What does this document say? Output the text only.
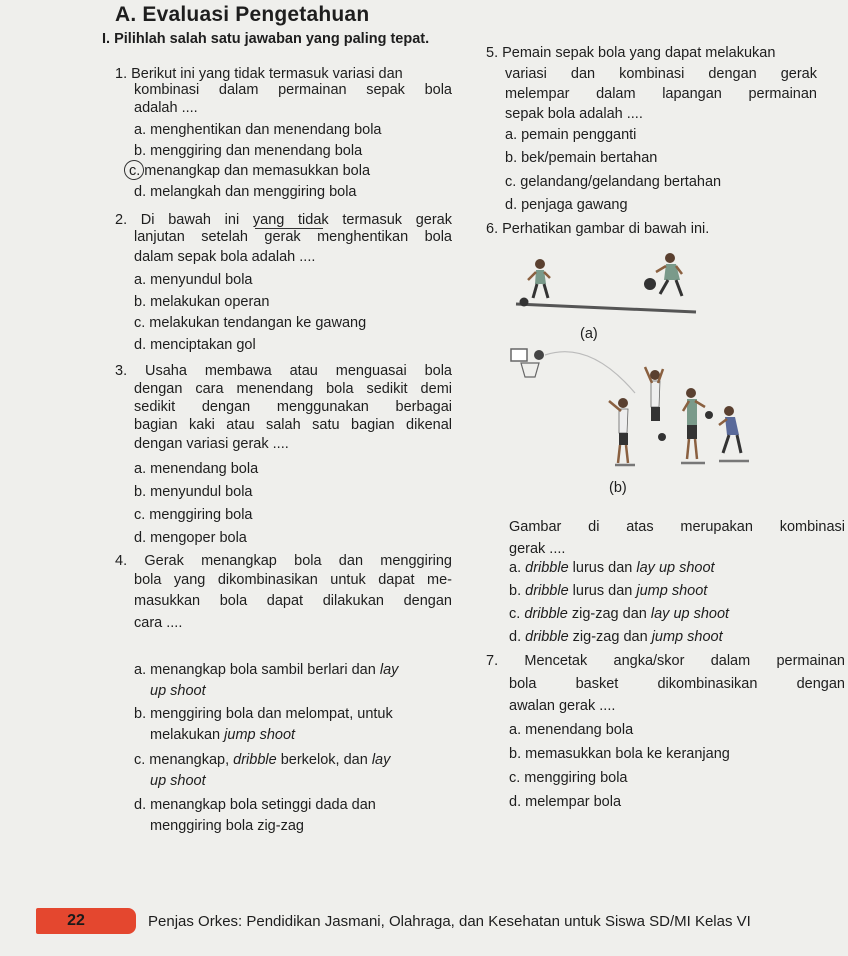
A. Evaluasi Pengetahuan
I. Pilihlah salah satu jawaban yang paling tepat.
1. Berikut ini yang tidak termasuk variasi dan
kombinasi dalam permainan sepak bola
adalah ....
a. menghentikan dan menendang bola
b. menggiring dan menendang bola
c. menangkap dan memasukkan bola
d. melangkah dan menggiring bola
2. Di bawah ini yang tidak termasuk gerak
lanjutan setelah gerak menghentikan bola
dalam sepak bola adalah ....
a. menyundul bola
b. melakukan operan
c. melakukan tendangan ke gawang
d. menciptakan gol
3. Usaha membawa atau menguasai bola
dengan cara menendang bola sedikit demi
sedikit dengan menggunakan berbagai
bagian kaki atau salah satu bagian dikenal
dengan variasi gerak ....
a. menendang bola
b. menyundul bola
c. menggiring bola
d. mengoper bola
4. Gerak menangkap bola dan menggiring
bola yang dikombinasikan untuk dapat me-
masukkan bola dapat dilakukan dengan
cara ....
a. menangkap bola sambil berlari dan lay
up shoot
b. menggiring bola dan melompat, untuk
melakukan jump shoot
c. menangkap, dribble berkelok, dan lay
up shoot
d. menangkap bola setinggi dada dan
menggiring bola zig-zag
5. Pemain sepak bola yang dapat melakukan
variasi dan kombinasi dengan gerak
melempar dalam lapangan permainan
sepak bola adalah ....
a. pemain pengganti
b. bek/pemain bertahan
c. gelandang/gelandang bertahan
d. penjaga gawang
6. Perhatikan gambar di bawah ini.
(a)
(b)
Gambar di atas merupakan kombinasi
gerak ....
a. dribble lurus dan lay up shoot
b. dribble lurus dan jump shoot
c. dribble zig-zag dan lay up shoot
d. dribble zig-zag dan jump shoot
7. Mencetak angka/skor dalam permainan
bola basket dikombinasikan dengan
awalan gerak ....
a. menendang bola
b. memasukkan bola ke keranjang
c. menggiring bola
d. melempar bola
22	Penjas Orkes: Pendidikan Jasmani, Olahraga, dan Kesehatan untuk Siswa SD/MI Kelas VI
